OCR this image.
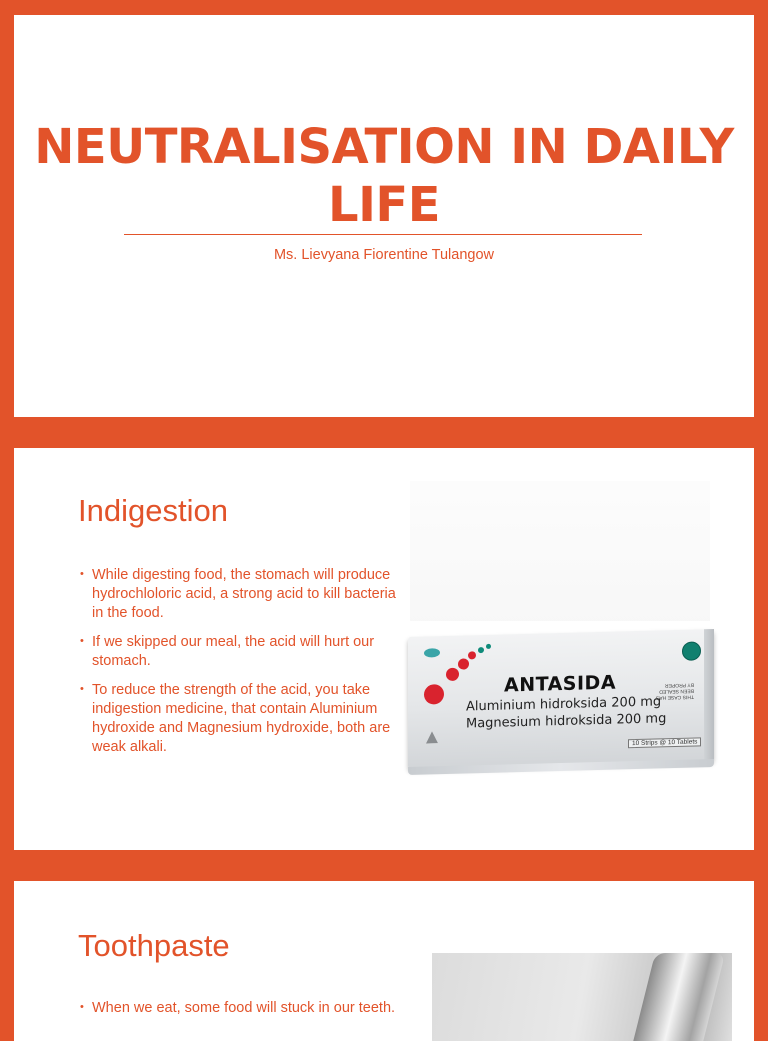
NEUTRALISATION IN DAILY LIFE
Ms. Lievyana Fiorentine Tulangow
Indigestion
• While digesting food, the stomach will produce hydrochloloric acid, a strong acid to kill bacteria in the food.
• If we skipped our meal, the acid will hurt our stomach.
• To reduce the strength of the acid, you take indigestion medicine, that contain Aluminium hydroxide and Magnesium hydroxide, both are weak alkali.
ANTASIDA
Aluminium hidroksida 200 mg
Magnesium hidroksida 200 mg
THIS CASE HAS BEEN SEALED BY PROPER
10 Strips @ 10 Tablets
Toothpaste
• When we eat, some food will stuck in our teeth.
